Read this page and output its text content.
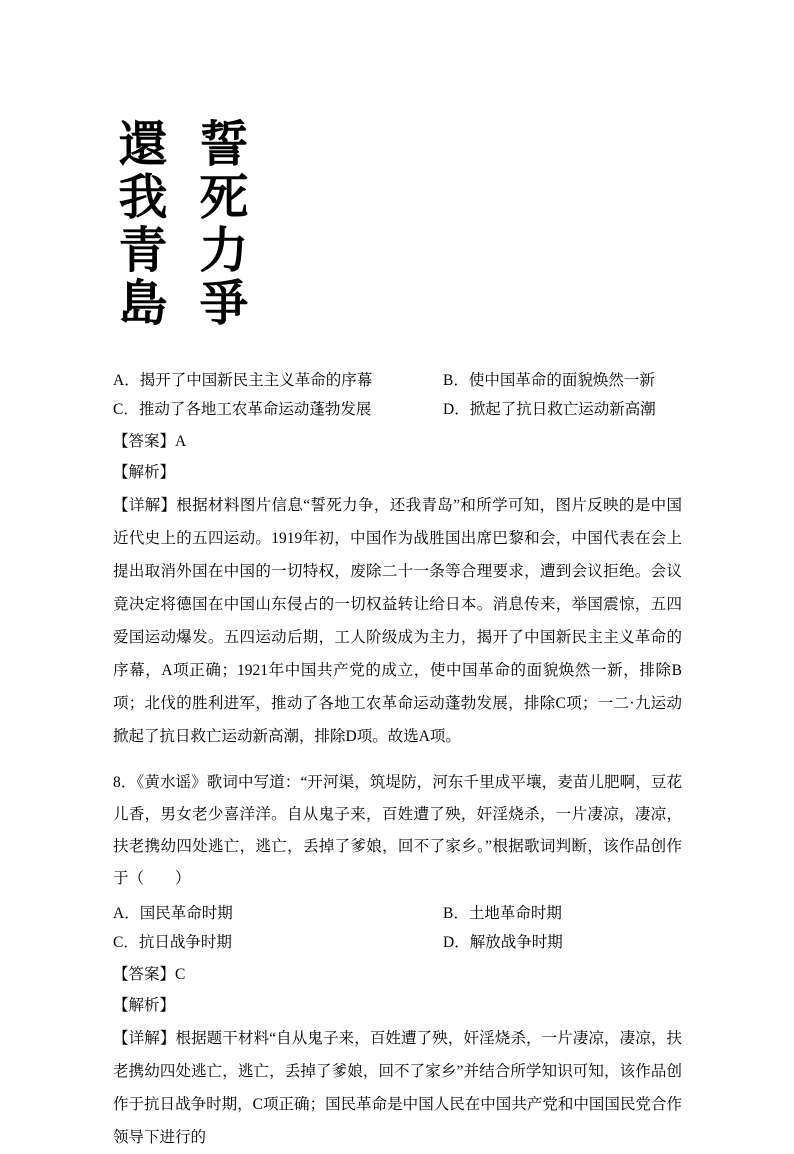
誓死力爭
還我青島
A．揭开了中国新民主主义革命的序幕	B．使中国革命的面貌焕然一新
C．推动了各地工农革命运动蓬勃发展	D．掀起了抗日救亡运动新高潮
【答案】A
【解析】
【详解】根据材料图片信息“誓死力争，还我青岛”和所学可知，图片反映的是中国近代史上的五四运动。1919年初，中国作为战胜国出席巴黎和会，中国代表在会上提出取消外国在中国的一切特权，废除二十一条等合理要求，遭到会议拒绝。会议竟决定将德国在中国山东侵占的一切权益转让给日本。消息传来，举国震惊，五四爱国运动爆发。五四运动后期，工人阶级成为主力，揭开了中国新民主主义革命的序幕，A项正确；1921年中国共产党的成立，使中国革命的面貌焕然一新，排除B项；北伐的胜利进军，推动了各地工农革命运动蓬勃发展，排除C项；一二·九运动掀起了抗日救亡运动新高潮，排除D项。故选A项。
8．《黄水谣》歌词中写道：“开河渠，筑堤防，河东千里成平壤，麦苗儿肥啊，豆花儿香，男女老少喜洋洋。自从鬼子来，百姓遭了殃，奸淫烧杀，一片凄凉，凄凉，扶老携幼四处逃亡，逃亡，丢掉了爹娘，回不了家乡。”根据歌词判断，该作品创作于（　　）
A．国民革命时期	B．土地革命时期
C．抗日战争时期	D．解放战争时期
【答案】C
【解析】
【详解】根据题干材料“自从鬼子来，百姓遭了殃，奸淫烧杀，一片凄凉，凄凉，扶老携幼四处逃亡，逃亡，丢掉了爹娘，回不了家乡”并结合所学知识可知，该作品创作于抗日战争时期，C项正确；国民革命是中国人民在中国共产党和中国国民党合作领导下进行的
